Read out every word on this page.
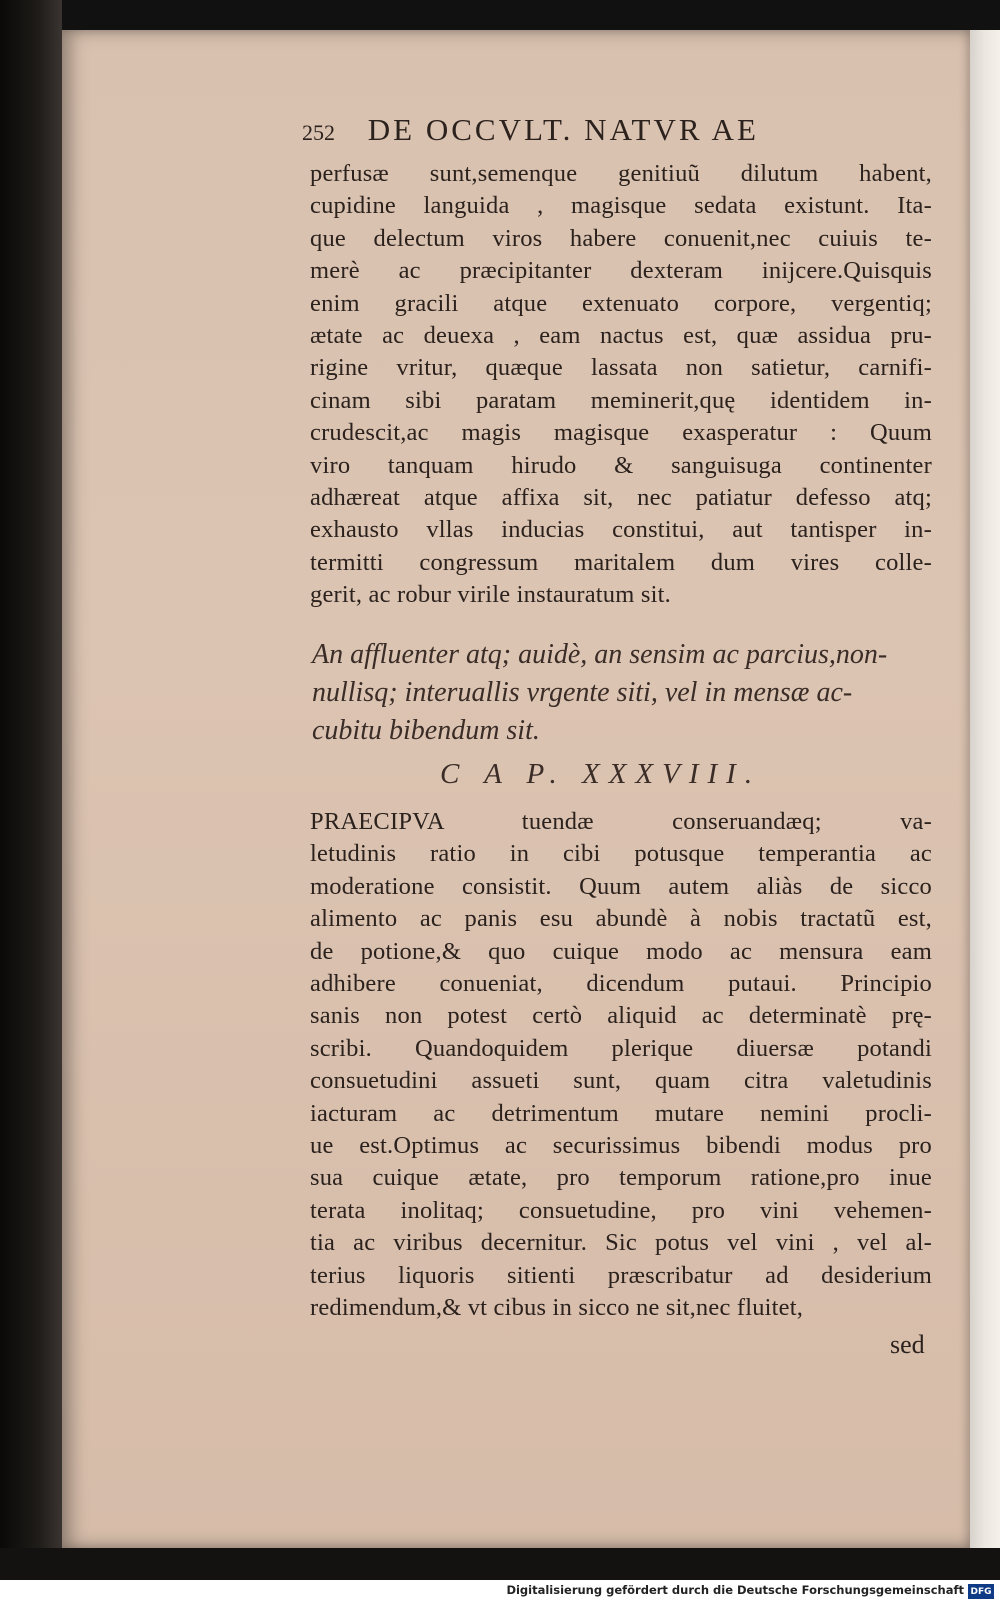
252 DE OCCVLT. NATVR AE
perfusæ sunt,semenque genitiuũ dilutum habent,
cupidine languida , magisque sedata existunt. Ita-
que delectum viros habere conuenit,nec cuiuis te-
merè ac præcipitanter dexteram inijcere.Quisquis
enim gracili atque extenuato corpore, vergentiq;
ætate ac deuexa , eam nactus est, quæ assidua pru-
rigine vritur, quæque lassata non satietur, carnifi-
cinam sibi paratam meminerit,quę identidem in-
crudescit,ac magis magisque exasperatur : Quum
viro tanquam hirudo & sanguisuga continenter
adhæreat atque affixa sit, nec patiatur defesso atq;
exhausto vllas inducias constitui, aut tantisper in-
termitti congressum maritalem dum vires colle-
gerit, ac robur virile instauratum sit.
An affluenter atq; auidè, an sensim ac parcius,non-
nullisq; interuallis vrgente siti, vel in mensæ ac-
cubitu bibendum sit.
C A P. XXXVIII.
PRAECIPVA tuendæ conseruandæq; va-
letudinis ratio in cibi potusque temperantia ac
moderatione consistit. Quum autem aliàs de sicco
alimento ac panis esu abundè à nobis tractatũ est,
de potione,& quo cuique modo ac mensura eam
adhibere conueniat, dicendum putaui. Principio
sanis non potest certò aliquid ac determinatè prę-
scribi. Quandoquidem plerique diuersæ potandi
consuetudini assueti sunt, quam citra valetudinis
iacturam ac detrimentum mutare nemini procli-
ue est.Optimus ac securissimus bibendi modus pro
sua cuique ætate, pro temporum ratione,pro inue
terata inolitaq; consuetudine, pro vini vehemen-
tia ac viribus decernitur. Sic potus vel vini , vel al-
terius liquoris sitienti præscribatur ad desiderium
redimendum,& vt cibus in sicco ne sit,nec fluitet,
sed
Digitalisierung gefördert durch die Deutsche Forschungsgemeinschaft DFG
